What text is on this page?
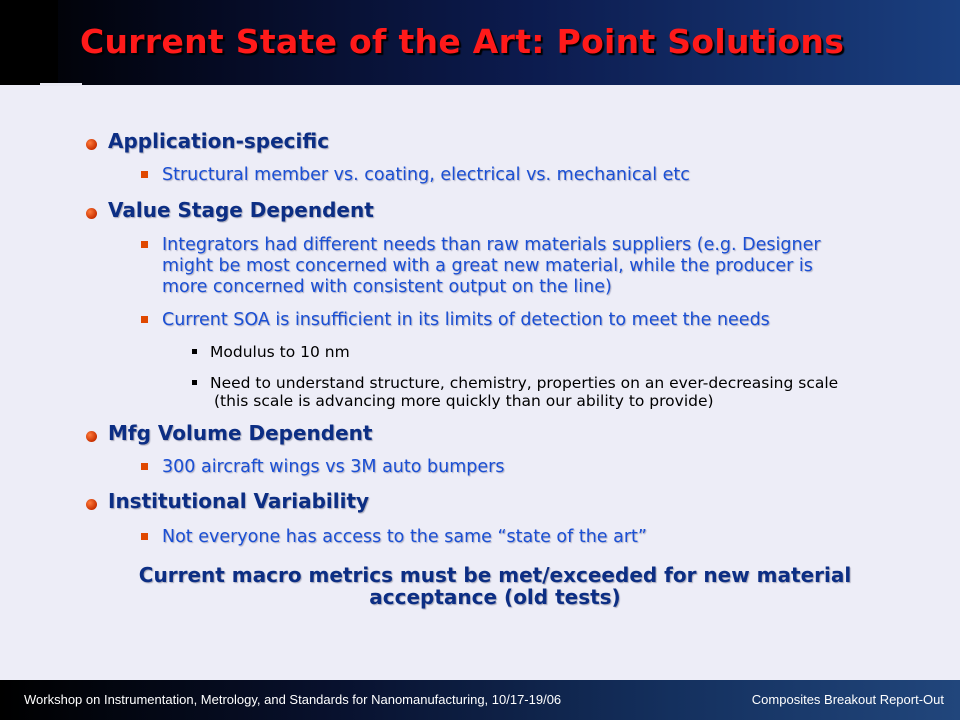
Current State of the Art: Point Solutions
Application-specific
Structural member vs. coating, electrical vs. mechanical etc
Value Stage Dependent
Integrators had different needs than raw materials suppliers (e.g. Designer
might be most concerned with a great new material, while the producer is
more concerned with consistent output on the line)
Current SOA is insufficient in its limits of detection to meet the needs
Modulus to 10 nm
Need to understand structure, chemistry, properties on an ever-decreasing scale
(this scale is advancing more quickly than our ability to provide)
Mfg Volume Dependent
300 aircraft wings vs 3M auto bumpers
Institutional Variability
Not everyone has access to the same “state of the art”
Current macro metrics must be met/exceeded for new material
acceptance (old tests)
Workshop on Instrumentation, Metrology, and Standards for Nanomanufacturing, 10/17-19/06	Composites Breakout Report-Out
